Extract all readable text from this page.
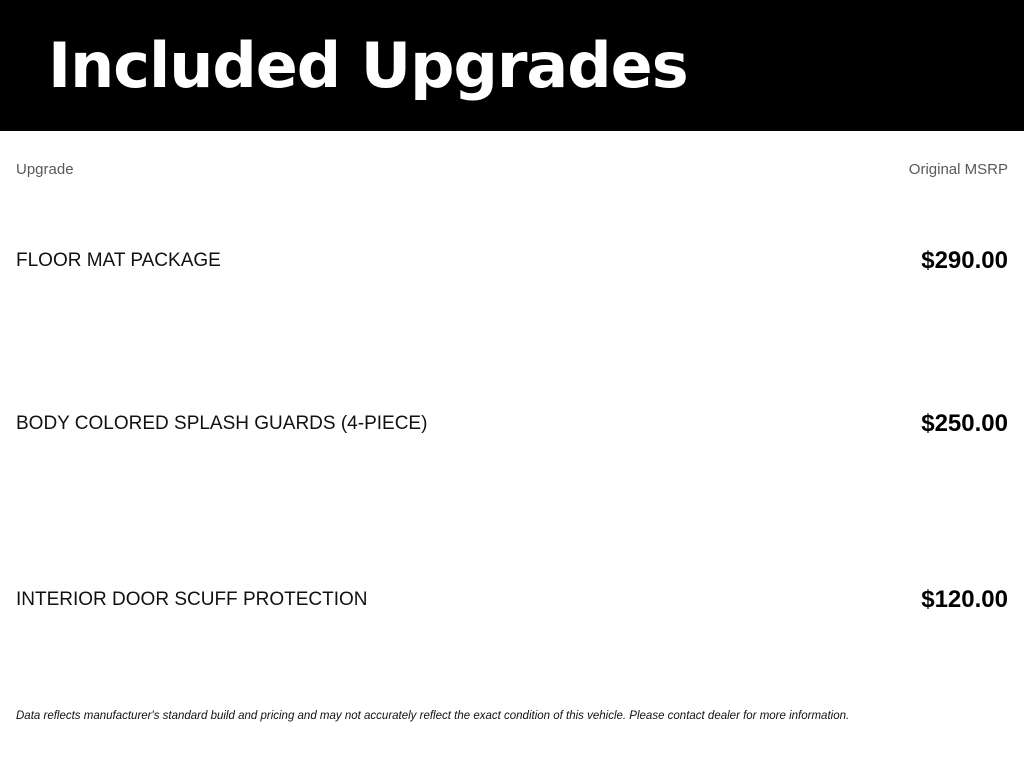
Included Upgrades
Upgrade	Original MSRP
FLOOR MAT PACKAGE	$290.00
BODY COLORED SPLASH GUARDS (4-PIECE)	$250.00
INTERIOR DOOR SCUFF PROTECTION	$120.00
Data reflects manufacturer's standard build and pricing and may not accurately reflect the exact condition of this vehicle. Please contact dealer for more information.
